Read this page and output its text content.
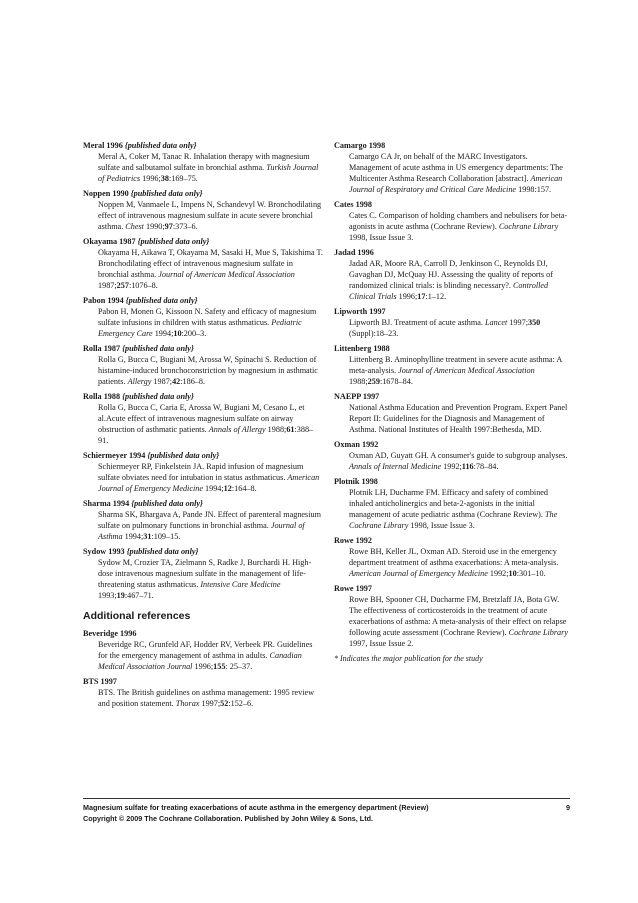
Meral 1996 {published data only}
Meral A, Coker M, Tanac R. Inhalation therapy with magnesium sulfate and salbutamol sulfate in bronchial asthma. Turkish Journal of Pediatrics 1996;38:169–75.
Noppen 1990 {published data only}
Noppen M, Vanmaele L, Impens N, Schandevyl W. Bronchodilating effect of intravenous magnesium sulfate in acute severe bronchial asthma. Chest 1990;97:373–6.
Okayama 1987 {published data only}
Okayama H, Aikawa T, Okayama M, Sasaki H, Mue S, Takishima T. Bronchodilating effect of intravenous magnesium sulfate in bronchial asthma. Journal of American Medical Association 1987;257:1076–8.
Pabon 1994 {published data only}
Pabon H, Monen G, Kissoon N. Safety and efficacy of magnesium sulfate infusions in children with status asthmaticus. Pediatric Emergency Care 1994;10:200–3.
Rolla 1987 {published data only}
Rolla G, Bucca C, Bugiani M, Arossa W, Spinachi S. Reduction of histamine-induced bronchoconstriction by magnesium in asthmatic patients. Allergy 1987;42:186–8.
Rolla 1988 {published data only}
Rolla G, Bucca C, Caria E, Arossa W, Bugiani M, Cesano L, et al.Acute effect of intravenous magnesium sulfate on airway obstruction of asthmatic patients. Annals of Allergy 1988;61:388–91.
Schiermeyer 1994 {published data only}
Schiermeyer RP, Finkelstein JA. Rapid infusion of magnesium sulfate obviates need for intubation in status asthmaticus. American Journal of Emergency Medicine 1994;12:164–8.
Sharma 1994 {published data only}
Sharma SK, Bhargava A, Pande JN. Effect of parenteral magnesium sulfate on pulmonary functions in bronchial asthma. Journal of Asthma 1994;31:109–15.
Sydow 1993 {published data only}
Sydow M, Crozier TA, Zielmann S, Radke J, Burchardi H. High-dose intravenous magnesium sulfate in the management of life-threatening status asthmaticus. Intensive Care Medicine 1993;19:467–71.
Additional references
Beveridge 1996
Beveridge RC, Grunfeld AF, Hodder RV, Verbeek PR. Guidelines for the emergency management of asthma in adults. Canadian Medical Association Journal 1996;155: 25–37.
BTS 1997
BTS. The British guidelines on asthma management: 1995 review and position statement. Thorax 1997;52:152–6.
Camargo 1998
Camargo CA Jr, on behalf of the MARC Investigators. Management of acute asthma in US emergency departments: The Multicenter Asthma Research Collaboration [abstract]. American Journal of Respiratory and Critical Care Medicine 1998:157.
Cates 1998
Cates C. Comparison of holding chambers and nebulisers for beta-agonists in acute asthma (Cochrane Review). Cochrane Library 1998, Issue Issue 3.
Jadad 1996
Jadad AR, Moore RA, Carroll D, Jenkinson C, Reynolds DJ, Gavaghan DJ, McQuay HJ. Assessing the quality of reports of randomized clinical trials: is blinding necessary?. Controlled Clinical Trials 1996;17:1–12.
Lipworth 1997
Lipworth BJ. Treatment of acute asthma. Lancet 1997;350 (Suppl):18–23.
Littenberg 1988
Littenberg B. Aminophylline treatment in severe acute asthma: A meta-analysis. Journal of American Medical Association 1988;259:1678–84.
NAEPP 1997
National Asthma Education and Prevention Program. Expert Panel Report II: Guidelines for the Diagnosis and Management of Asthma. National Institutes of Health 1997:Bethesda, MD.
Oxman 1992
Oxman AD, Guyatt GH. A consumer's guide to subgroup analyses. Annals of Internal Medicine 1992;116:78–84.
Plotnik 1998
Plotnik LH, Ducharme FM. Efficacy and safety of combined inhaled anticholinergics and beta-2-agonists in the initial management of acute pediatric asthma (Cochrane Review). The Cochrane Library 1998, Issue Issue 3.
Rowe 1992
Rowe BH, Keller JL, Oxman AD. Steroid use in the emergency department treatment of asthma exacerbations: A meta-analysis. American Journal of Emergency Medicine 1992;10:301–10.
Rowe 1997
Rowe BH, Spooner CH, Ducharme FM, Bretzlaff JA, Bota GW. The effectiveness of corticosteroids in the treatment of acute exacerbations of asthma: A meta-analysis of their effect on relapse following acute assessment (Cochrane Review). Cochrane Library 1997, Issue Issue 2.
* Indicates the major publication for the study
Magnesium sulfate for treating exacerbations of acute asthma in the emergency department (Review)
Copyright © 2009 The Cochrane Collaboration. Published by John Wiley & Sons, Ltd.
9
